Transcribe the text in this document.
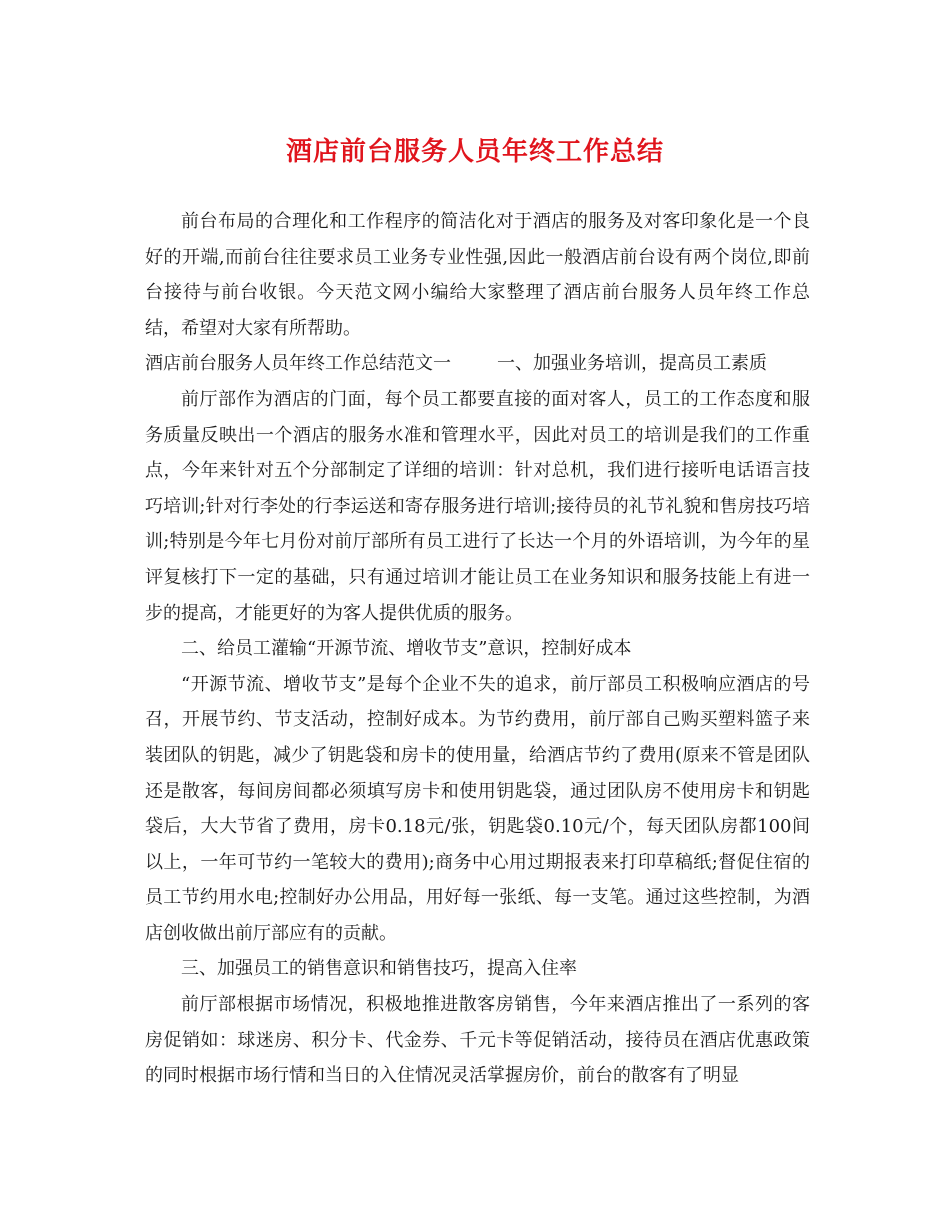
酒店前台服务人员年终工作总结

前台布局的合理化和工作程序的简洁化对于酒店的服务及对客印象化是一个良好的开端,而前台往往要求员工业务专业性强,因此一般酒店前台设有两个岗位,即前台接待与前台收银。今天范文网小编给大家整理了酒店前台服务人员年终工作总结，希望对大家有所帮助。

酒店前台服务人员年终工作总结范文一	一、加强业务培训，提高员工素质

前厅部作为酒店的门面，每个员工都要直接的面对客人，员工的工作态度和服务质量反映出一个酒店的服务水准和管理水平，因此对员工的培训是我们的工作重点，今年来针对五个分部制定了详细的培训：针对总机，我们进行接听电话语言技巧培训;针对行李处的行李运送和寄存服务进行培训;接待员的礼节礼貌和售房技巧培训;特别是今年七月份对前厅部所有员工进行了长达一个月的外语培训，为今年的星评复核打下一定的基础，只有通过培训才能让员工在业务知识和服务技能上有进一步的提高，才能更好的为客人提供优质的服务。

二、给员工灌输“开源节流、增收节支”意识，控制好成本

“开源节流、增收节支”是每个企业不失的追求，前厅部员工积极响应酒店的号召，开展节约、节支活动，控制好成本。为节约费用，前厅部自己购买塑料篮子来装团队的钥匙，减少了钥匙袋和房卡的使用量，给酒店节约了费用(原来不管是团队还是散客，每间房间都必须填写房卡和使用钥匙袋，通过团队房不使用房卡和钥匙袋后，大大节省了费用，房卡0.18元/张，钥匙袋0.10元/个，每天团队房都100间以上，一年可节约一笔较大的费用);商务中心用过期报表来打印草稿纸;督促住宿的员工节约用水电;控制好办公用品，用好每一张纸、每一支笔。通过这些控制，为酒店创收做出前厅部应有的贡献。

三、加强员工的销售意识和销售技巧，提高入住率

前厅部根据市场情况，积极地推进散客房销售，今年来酒店推出了一系列的客房促销如：球迷房、积分卡、代金券、千元卡等促销活动，接待员在酒店优惠政策的同时根据市场行情和当日的入住情况灵活掌握房价，前台的散客有了明显
